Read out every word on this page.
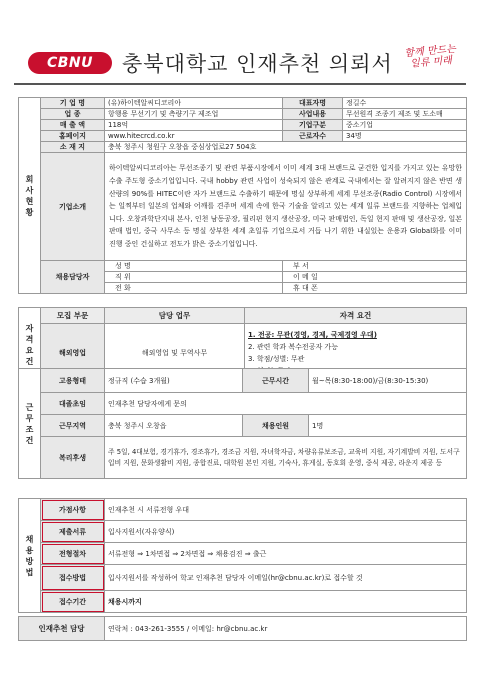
CBNU	충북대학교 인재추천 의뢰서
함께 만드는
일류 미래
회
사
현
황	기 업 명	(유)하이텍알씨디코리아	대표자명	정길수
	업 종	항행용 무선기기 및 측량기구 제조업	사업내용	무선원격 조종기 제조 및 도소매
	매 출 액	118억	기업구분	중소기업
	홈페이지	www.hitecrcd.co.kr	근로자수	34명
	소 재 지	충북 청주시 청원구 오창읍 중심상업로27 504호		
	기업소개	하이텍알씨디코리아는 무선조종기 및 관련 부품시장에서 이미 세계 3대 브랜드로 굳건한 입지를 가지고 있는 유망한 수출 주도형 중소기업입니다. 국내 hobby 관련 사업이 성숙되지 않은 관계로 국내에서는 잘 알려지지 않은 반면 생산량의 90%를 HITEC이란 자가 브랜드로 수출하기 때문에 명실 상부하게 세계 무선조종(Radio Control) 시장에서는 일찍부터 일본의 업체와 어깨를 견주며 세계 속에 한국 기술을 알리고 있는 세계 일류 브랜드를 지향하는 업체입니다. 오창과학단지내 본사, 인천 남동공장, 필리핀 현지 생산공장, 미국 판매법인, 독일 현지 판매 및 생산공장, 일본 판매 법인, 중국 사무소 등 명실 상부한 세계 초일류 기업으로서 거듭 나기 위한 내실있는 운용과 Global화를 이미 진행 중인 건실하고 전도가 밝은 중소기업입니다.		
	채용담당자	성 명	부 서	
		직 위	이 메 일	
		전 화	휴 대 폰	
자
격
요
건	모집 부문	담당 업무	자격 요건
	해외영업	해외영업 및 무역사무	1. 전공: 무관(경영, 경제, 국제경영 우대)
2. 관련 학과 복수전공자 가능
3. 학점/성별: 무관
근
무
조
건	고용형태	정규직 (수습 3개월)	근무시간	월~목(8:30-18:00)/금(8:30-15:30)
	대졸초임	인재추천 담당자에게 문의		
	근무지역	충북 청주시 오창읍	채용인원	1명
	복리후생	주 5일, 4대보험, 경기휴가, 경조휴가, 경조금 지원, 자녀학자금, 차량유류보조금, 교육비 지원, 자기계발비 지원, 도서구입비 지원, 문화생활비 지원, 종합진료, 대학원 본인 지원, 기숙사, 휴게실, 동호회 운영, 중식 제공, 라운지 제공 등		
채
용
방
법	가점사항	인재추천 시 서류전형 우대
	제출서류	입사지원서(자유양식)
	전형절차	서류전형 ⇒ 1차면접 ⇒ 2차면접 ⇒ 채용검진 ⇒ 출근
	접수방법	입사지원서를 작성하여 학교 인재추천 담당자 이메일(hr@cbnu.ac.kr)로 접수할 것
	접수기간	채용시까지
인재추천 담당	연락처 : 043-261-3555 / 이메일: hr@cbnu.ac.kr
